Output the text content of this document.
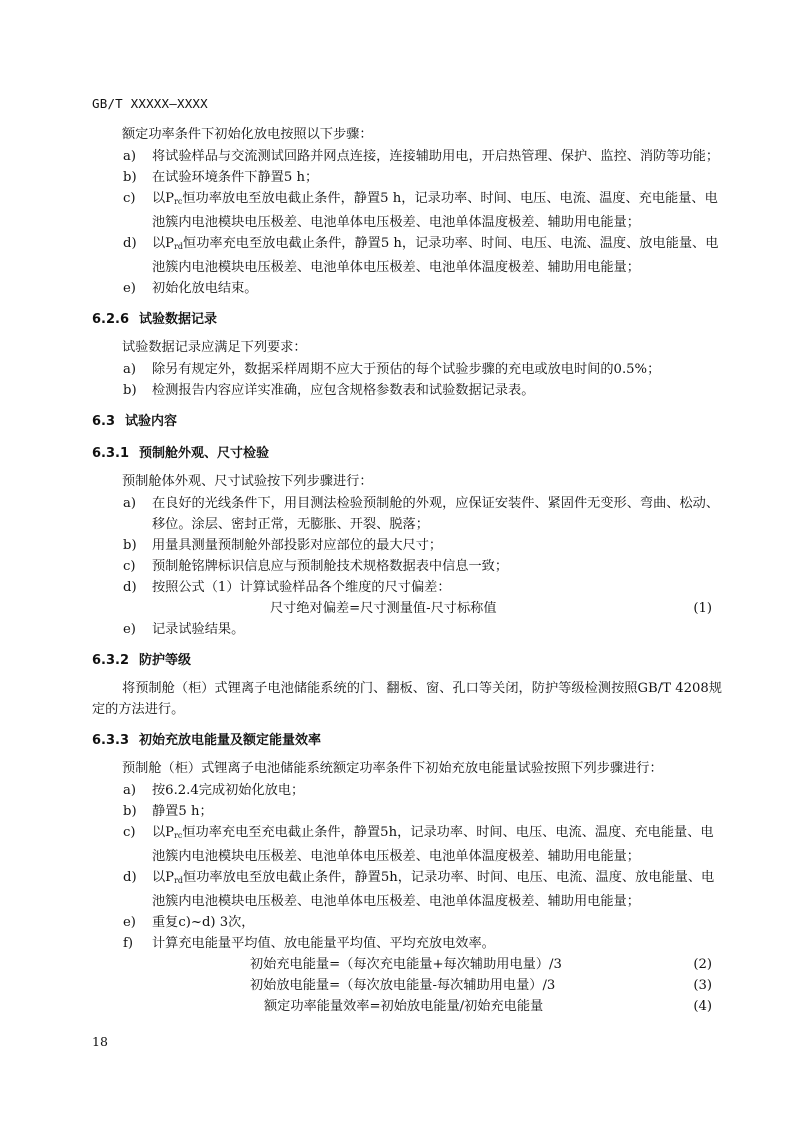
GB/T XXXXX—XXXX

额定功率条件下初始化放电按照以下步骤：

a) 将试验样品与交流测试回路并网点连接，连接辅助用电，开启热管理、保护、监控、消防等功能；
b) 在试验环境条件下静置5 h；
c) 以$P_{rc}$恒功率放电至放电截止条件，静置5 h，记录功率、时间、电压、电流、温度、充电能量、电池簇内电池模块电压极差、电池单体电压极差、电池单体温度极差、辅助用电能量；
d) 以$P_{rd}$恒功率充电至放电截止条件，静置5 h，记录功率、时间、电压、电流、温度、放电能量、电池簇内电池模块电压极差、电池单体电压极差、电池单体温度极差、辅助用电能量；
e) 初始化放电结束。
6.2.6 试验数据记录

试验数据记录应满足下列要求：

a) 除另有规定外，数据采样周期不应大于预估的每个试验步骤的充电或放电时间的0.5%；
b) 检测报告内容应详实准确，应包含规格参数表和试验数据记录表。
6.3 试验内容
6.3.1 预制舱外观、尺寸检验

预制舱体外观、尺寸试验按下列步骤进行：

a) 在良好的光线条件下，用目测法检验预制舱的外观，应保证安装件、紧固件无变形、弯曲、松动、移位。涂层、密封正常，无膨胀、开裂、脱落；
b) 用量具测量预制舱外部投影对应部位的最大尺寸；
c) 预制舱铭牌标识信息应与预制舱技术规格数据表中信息一致；
d) 按照公式（1）计算试验样品各个维度的尺寸偏差：
尺寸绝对偏差=尺寸测量值-尺寸标称值	(1)
e) 记录试验结果。
6.3.2 防护等级

将预制舱（柜）式锂离子电池储能系统的门、翻板、窗、孔口等关闭，防护等级检测按照GB/T 4208规定的方法进行。

6.3.3 初始充放电能量及额定能量效率

预制舱（柜）式锂离子电池储能系统额定功率条件下初始充放电能量试验按照下列步骤进行：

a) 按6.2.4完成初始化放电；
b) 静置5 h；
c) 以$P_{rc}$恒功率充电至充电截止条件，静置5h，记录功率、时间、电压、电流、温度、充电能量、电池簇内电池模块电压极差、电池单体电压极差、电池单体温度极差、辅助用电能量；
d) 以$P_{rd}$恒功率放电至放电截止条件，静置5h，记录功率、时间、电压、电流、温度、放电能量、电池簇内电池模块电压极差、电池单体电压极差、电池单体温度极差、辅助用电能量；
e) 重复c)~d) 3次，
f) 计算充电能量平均值、放电能量平均值、平均充放电效率。
初始充电能量=（每次充电能量+每次辅助用电量）/3	(2)
初始放电能量=（每次放电能量-每次辅助用电量）/3	(3)
额定功率能量效率=初始放电能量/初始充电能量	(4)
18
